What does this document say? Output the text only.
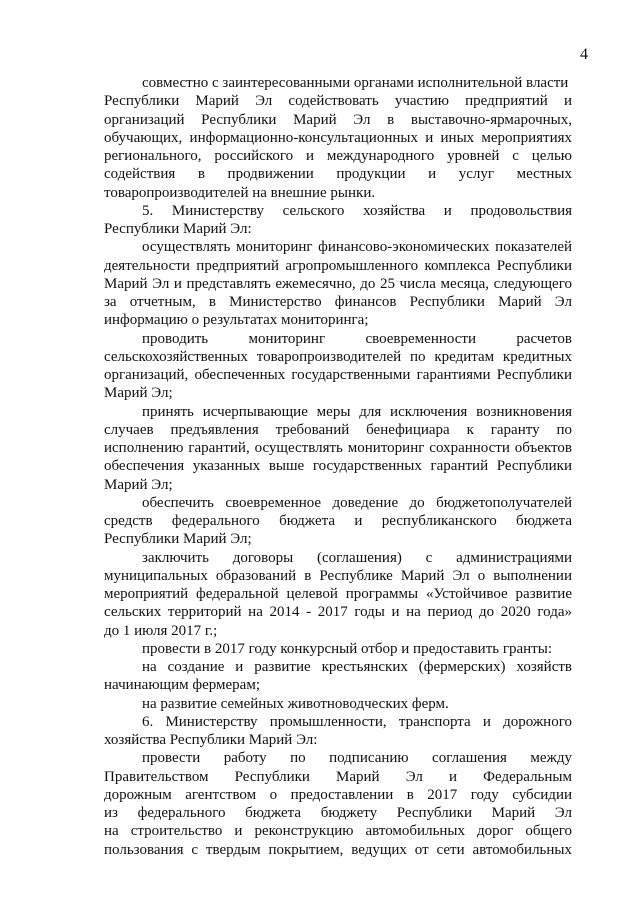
4
совместно с заинтересованными органами исполнительной власти
Республики Марий Эл содействовать участию предприятий и
организаций Республики Марий Эл в выставочно-ярмарочных,
обучающих, информационно-консультационных и иных мероприятиях
регионального, российского и международного уровней с целью
содействия в продвижении продукции и услуг местных
товаропроизводителей на внешние рынки.
5. Министерству сельского хозяйства и продовольствия
Республики Марий Эл:
осуществлять мониторинг финансово-экономических показателей
деятельности предприятий агропромышленного комплекса Республики
Марий Эл и представлять ежемесячно, до 25 числа месяца, следующего
за отчетным, в Министерство финансов Республики Марий Эл
информацию о результатах мониторинга;
проводить мониторинг своевременности расчетов
сельскохозяйственных товаропроизводителей по кредитам кредитных
организаций, обеспеченных государственными гарантиями Республики
Марий Эл;
принять исчерпывающие меры для исключения возникновения
случаев предъявления требований бенефициара к гаранту по
исполнению гарантий, осуществлять мониторинг сохранности объектов
обеспечения указанных выше государственных гарантий Республики
Марий Эл;
обеспечить своевременное доведение до бюджетополучателей
средств федерального бюджета и республиканского бюджета
Республики Марий Эл;
заключить договоры (соглашения) с администрациями
муниципальных образований в Республике Марий Эл о выполнении
мероприятий федеральной целевой программы «Устойчивое развитие
сельских территорий на 2014 - 2017 годы и на период до 2020 года»
до 1 июля 2017 г.;
провести в 2017 году конкурсный отбор и предоставить гранты:
на создание и развитие крестьянских (фермерских) хозяйств
начинающим фермерам;
на развитие семейных животноводческих ферм.
6. Министерству промышленности, транспорта и дорожного
хозяйства Республики Марий Эл:
провести работу по подписанию соглашения между
Правительством Республики Марий Эл и Федеральным
дорожным агентством о предоставлении в 2017 году субсидии
из федерального бюджета бюджету Республики Марий Эл
на строительство и реконструкцию автомобильных дорог общего
пользования с твердым покрытием, ведущих от сети автомобильных
